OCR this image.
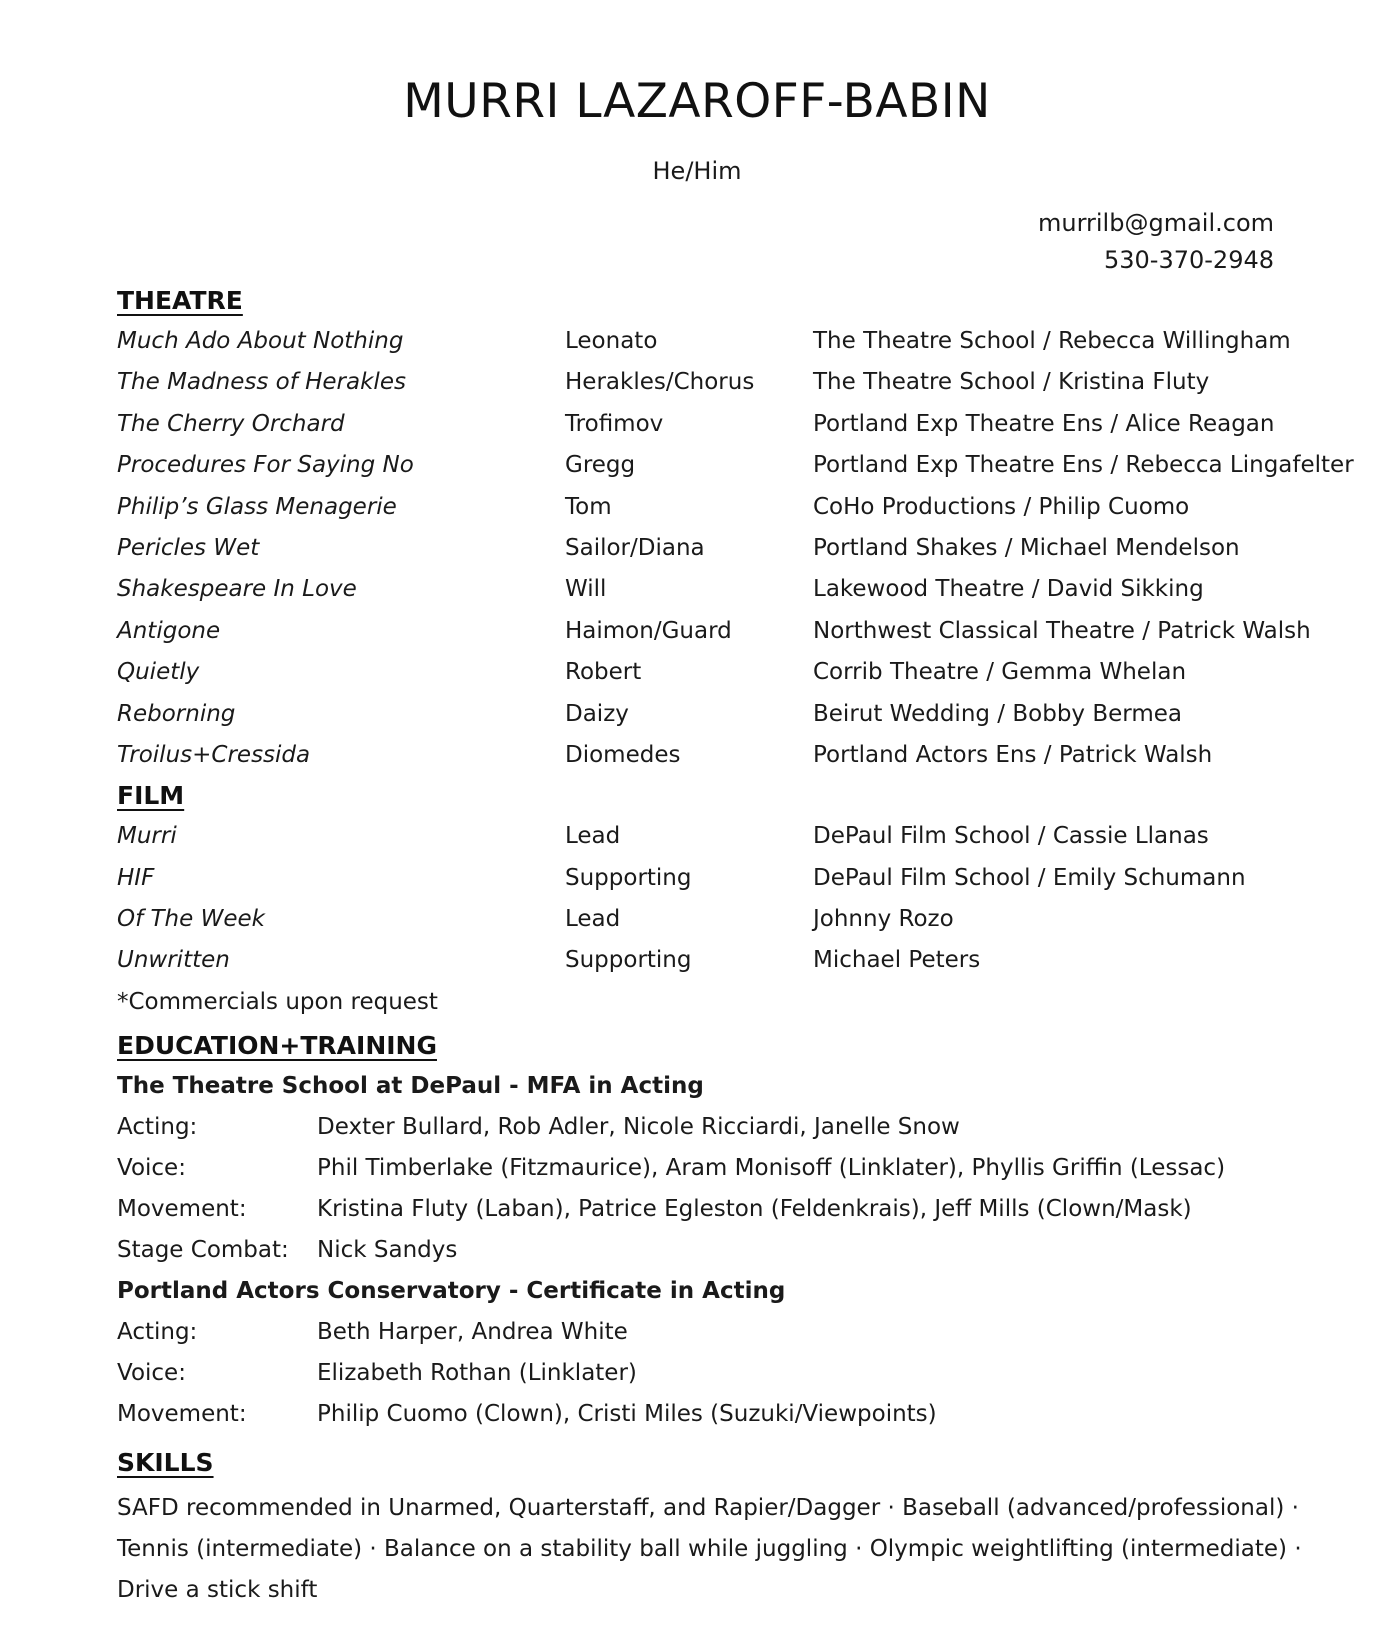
MURRI LAZAROFF-BABIN
He/Him
murrilb@gmail.com
530-370-2948
THEATRE
Much Ado About Nothing	Leonato	The Theatre School / Rebecca Willingham
The Madness of Herakles	Herakles/Chorus	The Theatre School / Kristina Fluty
The Cherry Orchard	Trofimov	Portland Exp Theatre Ens / Alice Reagan
Procedures For Saying No	Gregg	Portland Exp Theatre Ens / Rebecca Lingafelter
Philip’s Glass Menagerie	Tom	CoHo Productions / Philip Cuomo
Pericles Wet	Sailor/Diana	Portland Shakes / Michael Mendelson
Shakespeare In Love	Will	Lakewood Theatre / David Sikking
Antigone	Haimon/Guard	Northwest Classical Theatre / Patrick Walsh
Quietly	Robert	Corrib Theatre / Gemma Whelan
Reborning	Daizy	Beirut Wedding / Bobby Bermea
Troilus+Cressida	Diomedes	Portland Actors Ens / Patrick Walsh
FILM
Murri	Lead	DePaul Film School / Cassie Llanas
HIF	Supporting	DePaul Film School / Emily Schumann
Of The Week	Lead	Johnny Rozo
Unwritten	Supporting	Michael Peters
*Commercials upon request
EDUCATION+TRAINING
The Theatre School at DePaul - MFA in Acting
Acting:	Dexter Bullard, Rob Adler, Nicole Ricciardi, Janelle Snow
Voice:	Phil Timberlake (Fitzmaurice), Aram Monisoff (Linklater), Phyllis Griffin (Lessac)
Movement:	Kristina Fluty (Laban), Patrice Egleston (Feldenkrais), Jeff Mills (Clown/Mask)
Stage Combat: Nick Sandys
Portland Actors Conservatory - Certificate in Acting
Acting:	Beth Harper, Andrea White
Voice:	Elizabeth Rothan (Linklater)
Movement:	Philip Cuomo (Clown), Cristi Miles (Suzuki/Viewpoints)
SKILLS
SAFD recommended in Unarmed, Quarterstaff, and Rapier/Dagger · Baseball (advanced/professional) · Tennis (intermediate) · Balance on a stability ball while juggling · Olympic weightlifting (intermediate) · Drive a stick shift
